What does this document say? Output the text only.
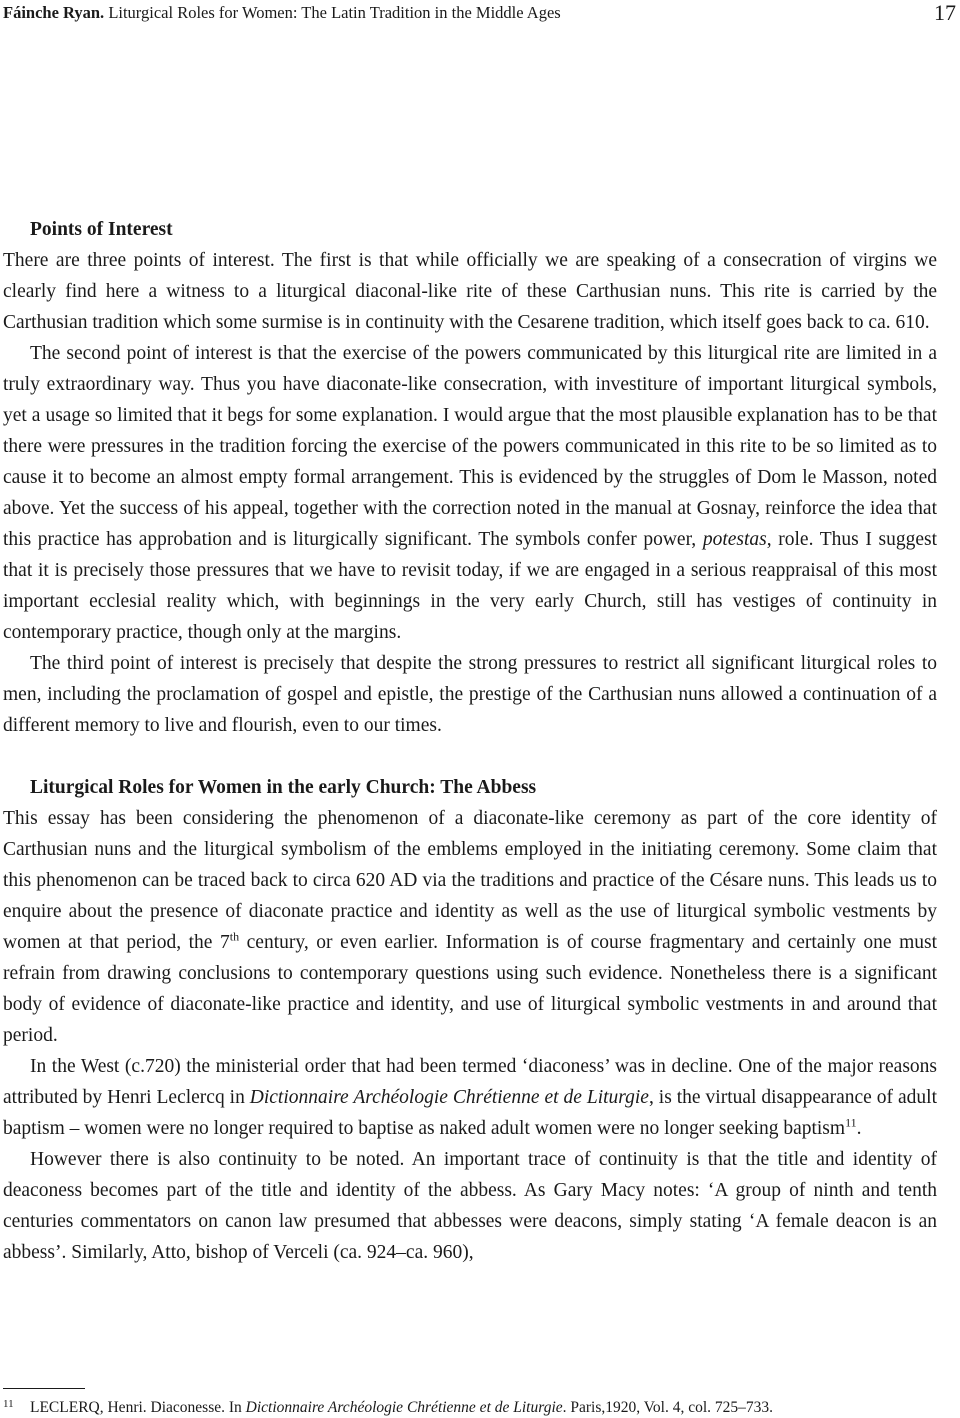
Fáinche Ryan. Liturgical Roles for Women: The Latin Tradition in the Middle Ages	17
Points of Interest

There are three points of interest. The first is that while officially we are speaking of a consecration of virgins we clearly find here a witness to a liturgical diaconal-like rite of these Carthusian nuns. This rite is carried by the Carthusian tradition which some surmise is in continuity with the Cesarene tradition, which itself goes back to ca. 610.

The second point of interest is that the exercise of the powers communicated by this liturgical rite are limited in a truly extraordinary way. Thus you have diaconate-like consecration, with investiture of important liturgical symbols, yet a usage so limited that it begs for some explanation. I would argue that the most plausible explanation has to be that there were pressures in the tradition forcing the exercise of the powers communicated in this rite to be so limited as to cause it to become an almost empty formal arrangement. This is evidenced by the struggles of Dom le Masson, noted above. Yet the success of his appeal, together with the correction noted in the manual at Gosnay, reinforce the idea that this practice has approbation and is liturgically significant. The symbols confer power, potestas, role. Thus I suggest that it is precisely those pressures that we have to revisit today, if we are engaged in a serious reappraisal of this most important ecclesial reality which, with beginnings in the very early Church, still has vestiges of continuity in contemporary practice, though only at the margins.

The third point of interest is precisely that despite the strong pressures to restrict all significant liturgical roles to men, including the proclamation of gospel and epistle, the prestige of the Carthusian nuns allowed a continuation of a different memory to live and flourish, even to our times.

Liturgical Roles for Women in the early Church: The Abbess

This essay has been considering the phenomenon of a diaconate-like ceremony as part of the core identity of Carthusian nuns and the liturgical symbolism of the emblems employed in the initiating ceremony. Some claim that this phenomenon can be traced back to circa 620 AD via the traditions and practice of the Césare nuns. This leads us to enquire about the presence of diaconate practice and identity as well as the use of liturgical symbolic vestments by women at that period, the 7th century, or even earlier. Information is of course fragmentary and certainly one must refrain from drawing conclusions to contemporary questions using such evidence. Nonetheless there is a significant body of evidence of diaconate-like practice and identity, and use of liturgical symbolic vestments in and around that period.

In the West (c.720) the ministerial order that had been termed ‘diaconess’ was in decline. One of the major reasons attributed by Henri Leclercq in Dictionnaire Archéologie Chrétienne et de Liturgie, is the virtual disappearance of adult baptism – women were no longer required to baptise as naked adult women were no longer seeking baptism$^{11}$.

However there is also continuity to be noted. An important trace of continuity is that the title and identity of deaconess becomes part of the title and identity of the abbess. As Gary Macy notes: ‘A group of ninth and tenth centuries commentators on canon law presumed that abbesses were deacons, simply stating ‘A female deacon is an abbess’. Similarly, Atto, bishop of Verceli (ca. 924–ca. 960),

11 LECLERQ, Henri. Diaconesse. In Dictionnaire Archéologie Chrétienne et de Liturgie. Paris,1920, Vol. 4, col. 725–733.
